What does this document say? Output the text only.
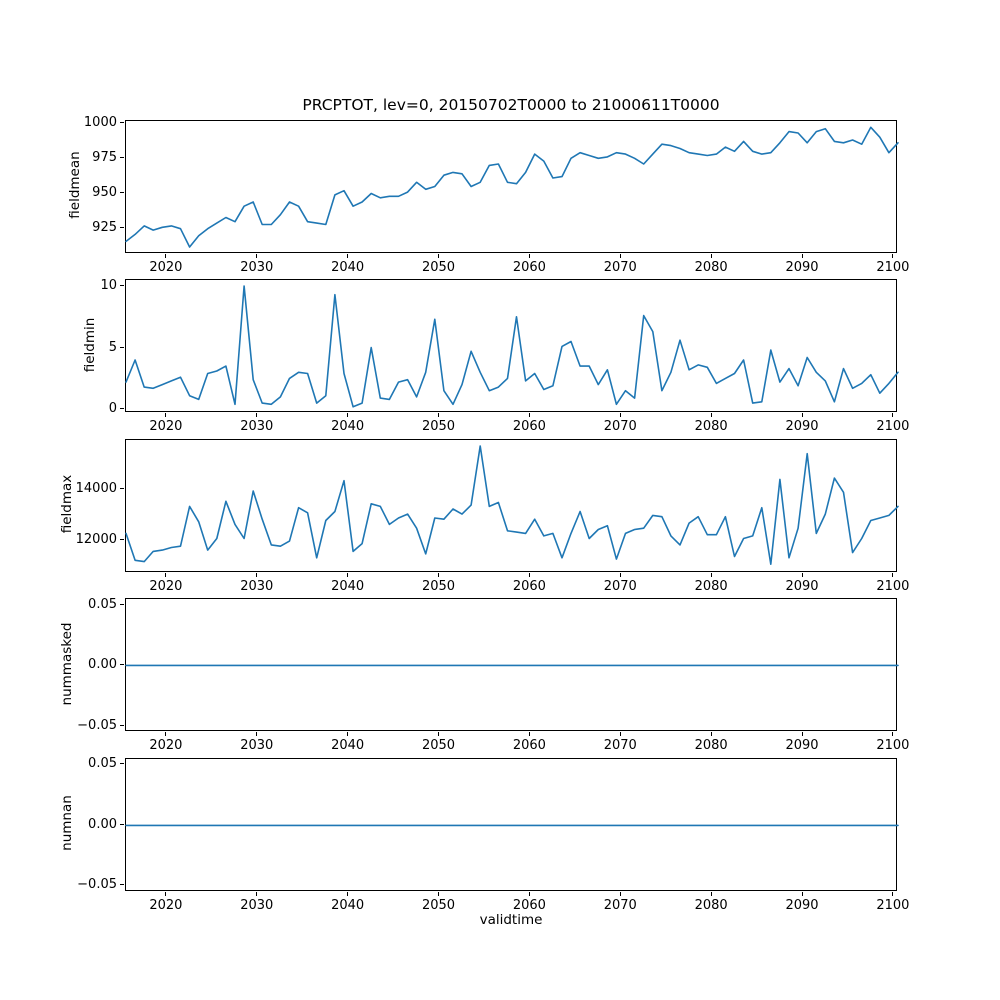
PRCPTOT, lev=0, 20150702T0000 to 21000611T0000
925
950
975
1000
2020	2030	2040	2050	2060	2070	2080	2090	2100
fieldmean
0
5
10
2020	2030	2040	2050	2060	2070	2080	2090	2100
fieldmin
12000
14000
2020	2030	2040	2050	2060	2070	2080	2090	2100
fieldmax
−0.05
0.00
0.05
2020	2030	2040	2050	2060	2070	2080	2090	2100
nummasked
−0.05
0.00
0.05
2020	2030	2040	2050	2060	2070	2080	2090	2100
numnan
validtime
